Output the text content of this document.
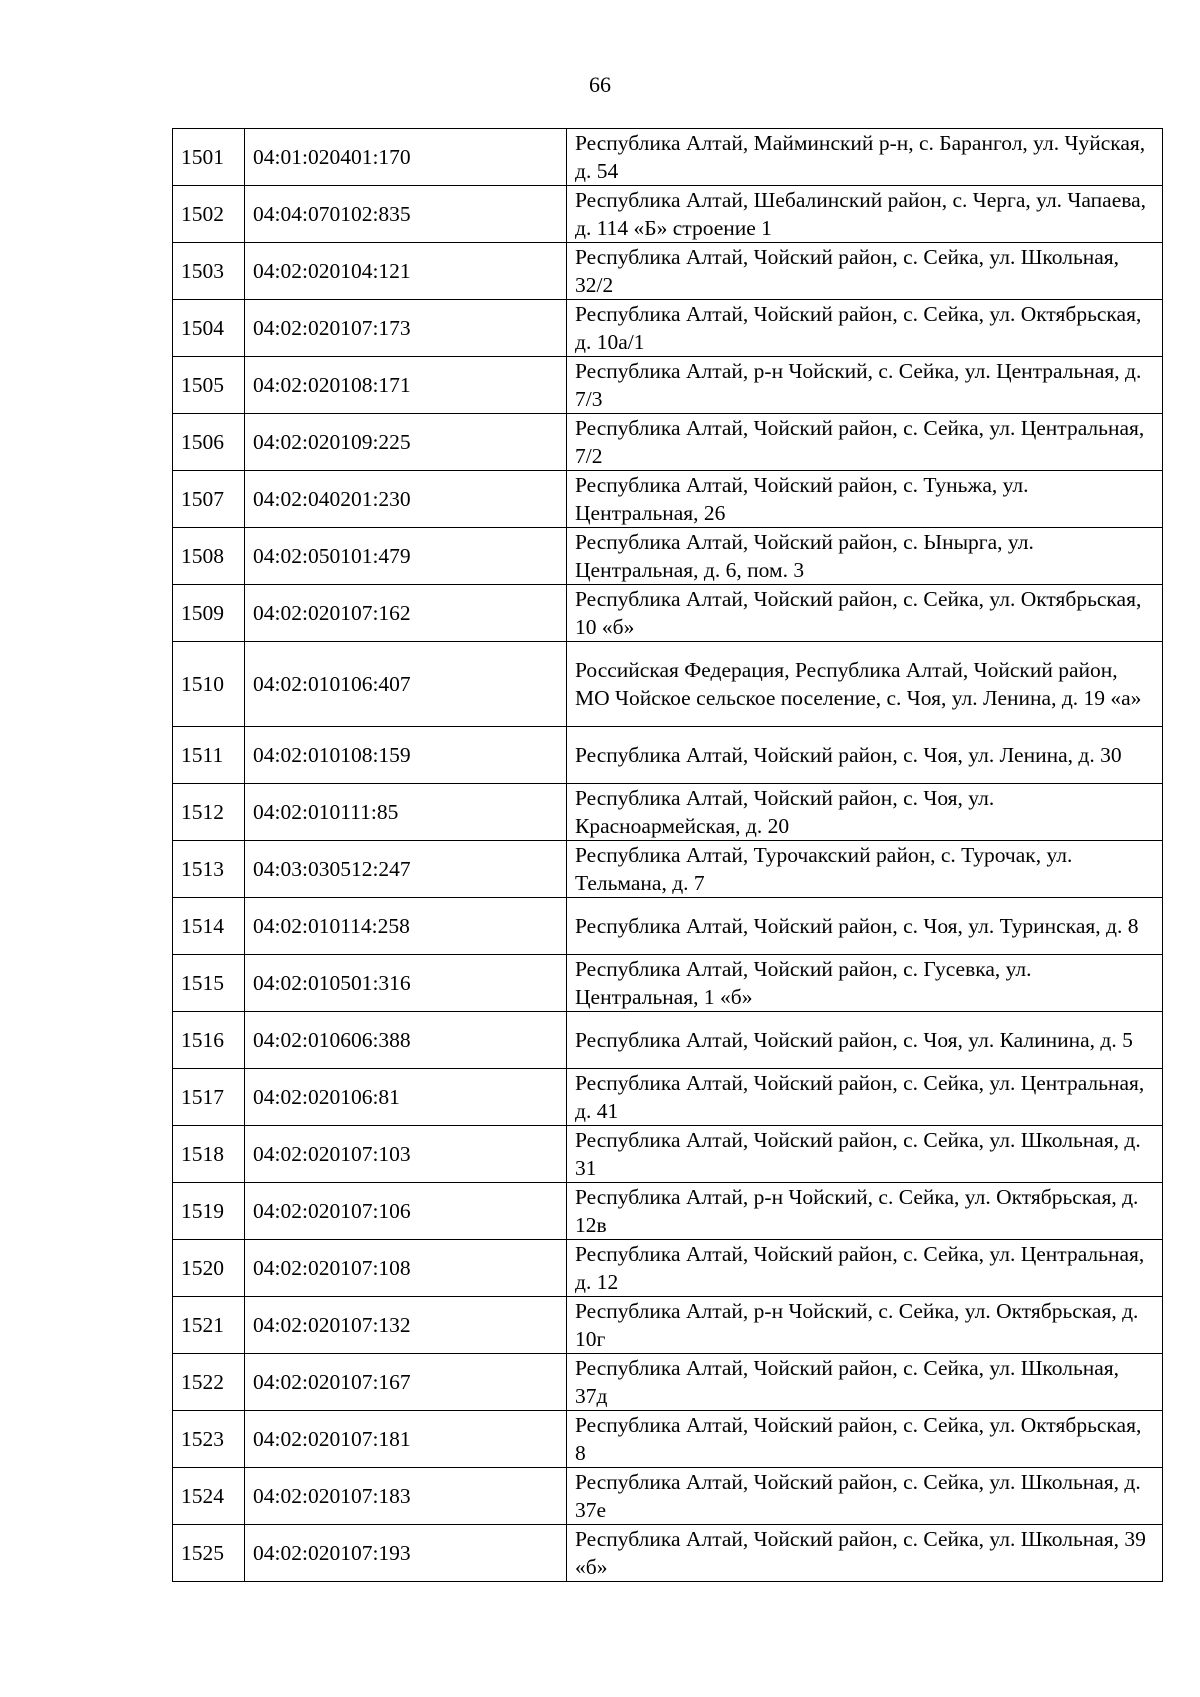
66
1501	04:01:020401:170	Республика Алтай, Майминский р-н, с. Барангол, ул. Чуйская, д. 54
1502	04:04:070102:835	Республика Алтай, Шебалинский район, с. Черга, ул. Чапаева, д. 114 «Б» строение 1
1503	04:02:020104:121	Республика Алтай, Чойский район, с. Сейка, ул. Школьная, 32/2
1504	04:02:020107:173	Республика Алтай, Чойский район, с. Сейка, ул. Октябрьская, д. 10а/1
1505	04:02:020108:171	Республика Алтай, р-н Чойский, с. Сейка, ул. Центральная, д. 7/3
1506	04:02:020109:225	Республика Алтай, Чойский район, с. Сейка, ул. Центральная, 7/2
1507	04:02:040201:230	Республика Алтай, Чойский район, с. Туньжа, ул. Центральная, 26
1508	04:02:050101:479	Республика Алтай, Чойский район, с. Ынырга, ул. Центральная, д. 6, пом. 3
1509	04:02:020107:162	Республика Алтай, Чойский район, с. Сейка, ул. Октябрьская, 10 «б»
1510	04:02:010106:407	Российская Федерация, Республика Алтай, Чойский район, МО Чойское сельское поселение, с. Чоя, ул. Ленина, д. 19 «а»
1511	04:02:010108:159	Республика Алтай, Чойский район, с. Чоя, ул. Ленина, д. 30
1512	04:02:010111:85	Республика Алтай, Чойский район, с. Чоя, ул. Красноармейская, д. 20
1513	04:03:030512:247	Республика Алтай, Турочакский район, с. Турочак, ул. Тельмана, д. 7
1514	04:02:010114:258	Республика Алтай, Чойский район, с. Чоя, ул. Туринская, д. 8
1515	04:02:010501:316	Республика Алтай, Чойский район, с. Гусевка, ул. Центральная, 1 «б»
1516	04:02:010606:388	Республика Алтай, Чойский район, с. Чоя, ул. Калинина, д. 5
1517	04:02:020106:81	Республика Алтай, Чойский район, с. Сейка, ул. Центральная, д. 41
1518	04:02:020107:103	Республика Алтай, Чойский район, с. Сейка, ул. Школьная, д. 31
1519	04:02:020107:106	Республика Алтай, р-н Чойский, с. Сейка, ул. Октябрьская, д. 12в
1520	04:02:020107:108	Республика Алтай, Чойский район, с. Сейка, ул. Центральная, д. 12
1521	04:02:020107:132	Республика Алтай, р-н Чойский, с. Сейка, ул. Октябрьская, д. 10г
1522	04:02:020107:167	Республика Алтай, Чойский район, с. Сейка, ул. Школьная, 37д
1523	04:02:020107:181	Республика Алтай, Чойский район, с. Сейка, ул. Октябрьская, 8
1524	04:02:020107:183	Республика Алтай, Чойский район, с. Сейка, ул. Школьная, д. 37е
1525	04:02:020107:193	Республика Алтай, Чойский район, с. Сейка, ул. Школьная, 39 «б»
